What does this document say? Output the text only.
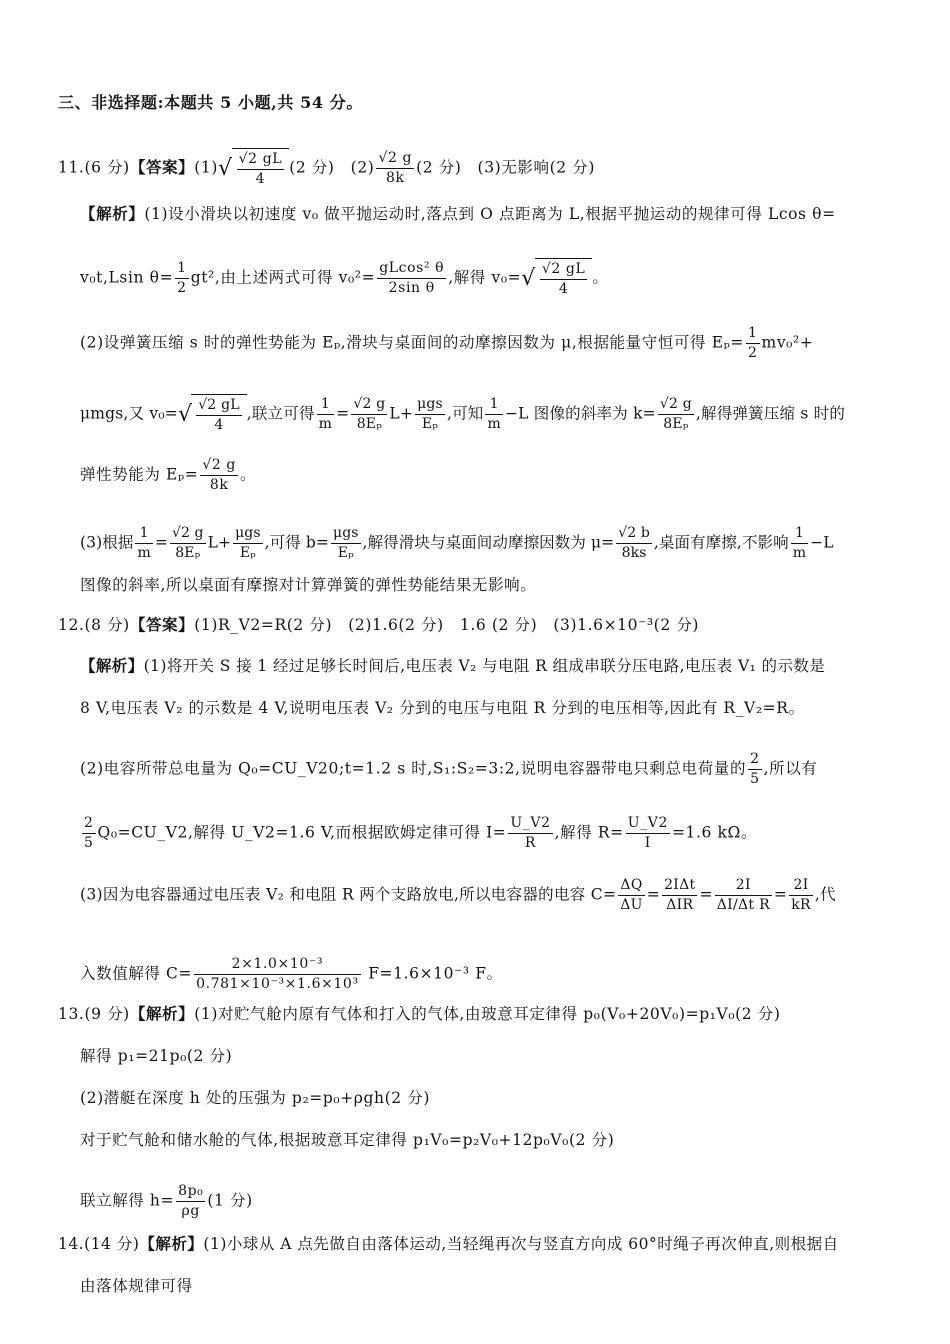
三、非选择题:本题共 5 小题,共 54 分。
11.(6 分)【答案】$(1)√ \frac{√2 gL}{4} (2$ 分)　$(2) \frac{√2 g}{8k} (2$ 分)　(3)无影响(2 分)
【解析】(1)设小滑块以初速度 v₀ 做平抛运动时,落点到 O 点距离为 L,根据平抛运动的规律可得 Lcos θ=
v₀t,Lsin $\theta= \frac{1}{2} gt^2$,由上述两式可得 $v_0^2= \frac{\text{gLcos² θ}}{\text{2sin θ}}$ ,解得 $v_0=√ \frac{√2 gL}{4}$ 。
(2)设弹簧压缩 s 时的弹性势能为 Eₚ,滑块与桌面间的动摩擦因数为 μ,根据能量守恒可得 $E_p= \frac{1}{2} mv_0^2+$
μmgs,又 $v_0=√ \frac{√2 gL}{4}$ ,联立可得 $\frac{1}{m} = \frac{√2 g}{\text{8Eₚ}} L+$
μgs
Eₚ
,可知 $\frac{1}{m} -L$ 图像的斜率为 $k= \frac{√2 g}{\text{8Eₚ}}$ ,解得弹簧压缩 s 时的
弹性势能为 $E_p= \frac{√2 g}{8k}$ 。
(3)根据 $\frac{1}{m} = \frac{√2 g}{\text{8Eₚ}} L+$
μgs
Eₚ
,可得 b=
μgs
Eₚ
,解得滑块与桌面间动摩擦因数为 $\mu= \frac{√2 b}{8ks}$ ,桌面有摩擦,不影响 $\frac{1}{m} -L$
图像的斜率,所以桌面有摩擦对计算弹簧的弹性势能结果无影响。
12.(8 分)【答案】(1)R_V2=R(2 分)　(2)1.6(2 分)　1.6 (2 分)　(3)1.6×10⁻³(2 分)
【解析】(1)将开关 S 接 1 经过足够长时间后,电压表 V₂ 与电阻 R 组成串联分压电路,电压表 V₁ 的示数是
8 V,电压表 V₂ 的示数是 4 V,说明电压表 V₂ 分到的电压与电阻 R 分到的电压相等,因此有 R_V₂=R。
(2)电容所带总电量为 Q₀=CU_V20;t=1.2 s 时,S₁:S₂=3:2,说明电容器带电只剩总电荷量的 $\frac{2}{5}$ ,所以有
$\frac{2}{5}$ Q₀=CU_V2,解得 U_V2=1.6 V,而根据欧姆定律可得 $I= \frac{U\_V2}{R}$ ,解得 $R= \frac{U\_V2}{I} =1.6$ kΩ。
(3)因为电容器通过电压表 V₂ 和电阻 R 两个支路放电,所以电容器的电容 $C= \frac{\Delta Q}{\Delta U}$ =
2IΔt
ΔIR
= $\frac{2I}{\text{ΔI/Δt R}} = \frac{2I}{kR}$ ,代
入数值解得 $C= \frac{\text{2×1.0×10⁻³}}{\text{0.781×10⁻³×1.6×10³}} F=1.6\times 10^{-3}$ F。
13.(9 分)【解析】(1)对贮气舱内原有气体和打入的气体,由玻意耳定律得 p₀(V₀+20V₀)=p₁V₀(2 分)
解得 p₁=21p₀(2 分)
(2)潜艇在深度 h 处的压强为 p₂=p₀+ρgh(2 分)
对于贮气舱和储水舱的气体,根据玻意耳定律得 p₁V₀=p₂V₀+12p₀V₀(2 分)
联立解得 $h= \frac{\text{8p₀}}{\rho g} (1$ 分)
14.(14 分)【解析】(1)小球从 A 点先做自由落体运动,当轻绳再次与竖直方向成 60°时绳子再次伸直,则根据自
由落体规律可得
